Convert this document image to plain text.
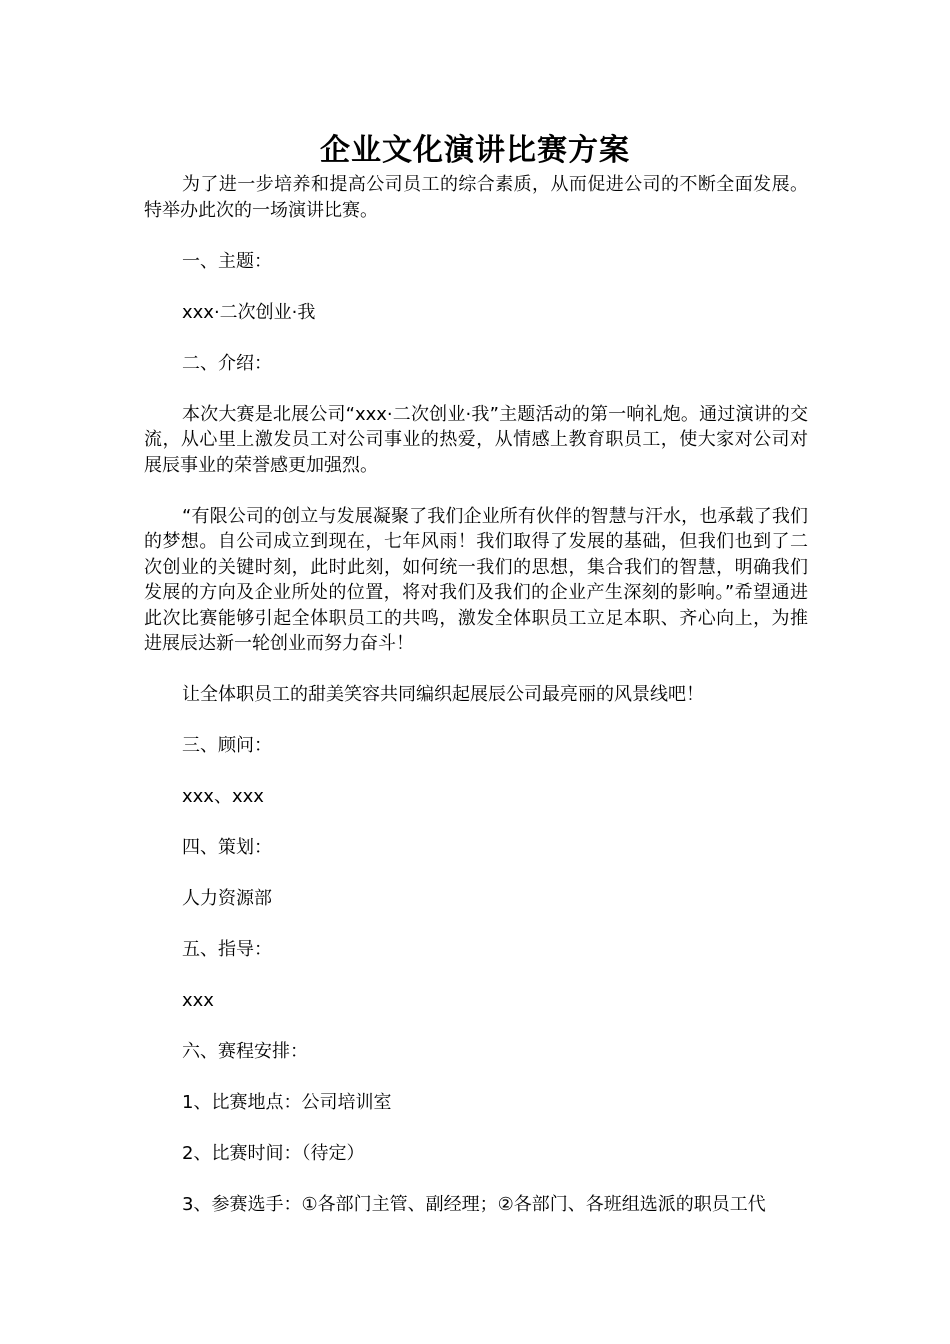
企业文化演讲比赛方案

为了进一步培养和提高公司员工的综合素质，从而促进公司的不断全面发展。特举办此次的一场演讲比赛。

一、主题：

xxx·二次创业·我

二、介绍：

本次大赛是北展公司“xxx·二次创业·我”主题活动的第一响礼炮。通过演讲的交流，从心里上激发员工对公司事业的热爱，从情感上教育职员工，使大家对公司对展辰事业的荣誉感更加强烈。

“有限公司的创立与发展凝聚了我们企业所有伙伴的智慧与汗水，也承载了我们的梦想。自公司成立到现在，七年风雨！我们取得了发展的基础，但我们也到了二次创业的关键时刻，此时此刻，如何统一我们的思想，集合我们的智慧，明确我们发展的方向及企业所处的位置，将对我们及我们的企业产生深刻的影响。”希望通进此次比赛能够引起全体职员工的共鸣，激发全体职员工立足本职、齐心向上，为推进展辰达新一轮创业而努力奋斗！

让全体职员工的甜美笑容共同编织起展辰公司最亮丽的风景线吧！

三、顾问：

xxx、xxx

四、策划：

人力资源部

五、指导：

xxx

六、赛程安排：

1、比赛地点：公司培训室

2、比赛时间：（待定）

3、参赛选手：①各部门主管、副经理；②各部门、各班组选派的职员工代
